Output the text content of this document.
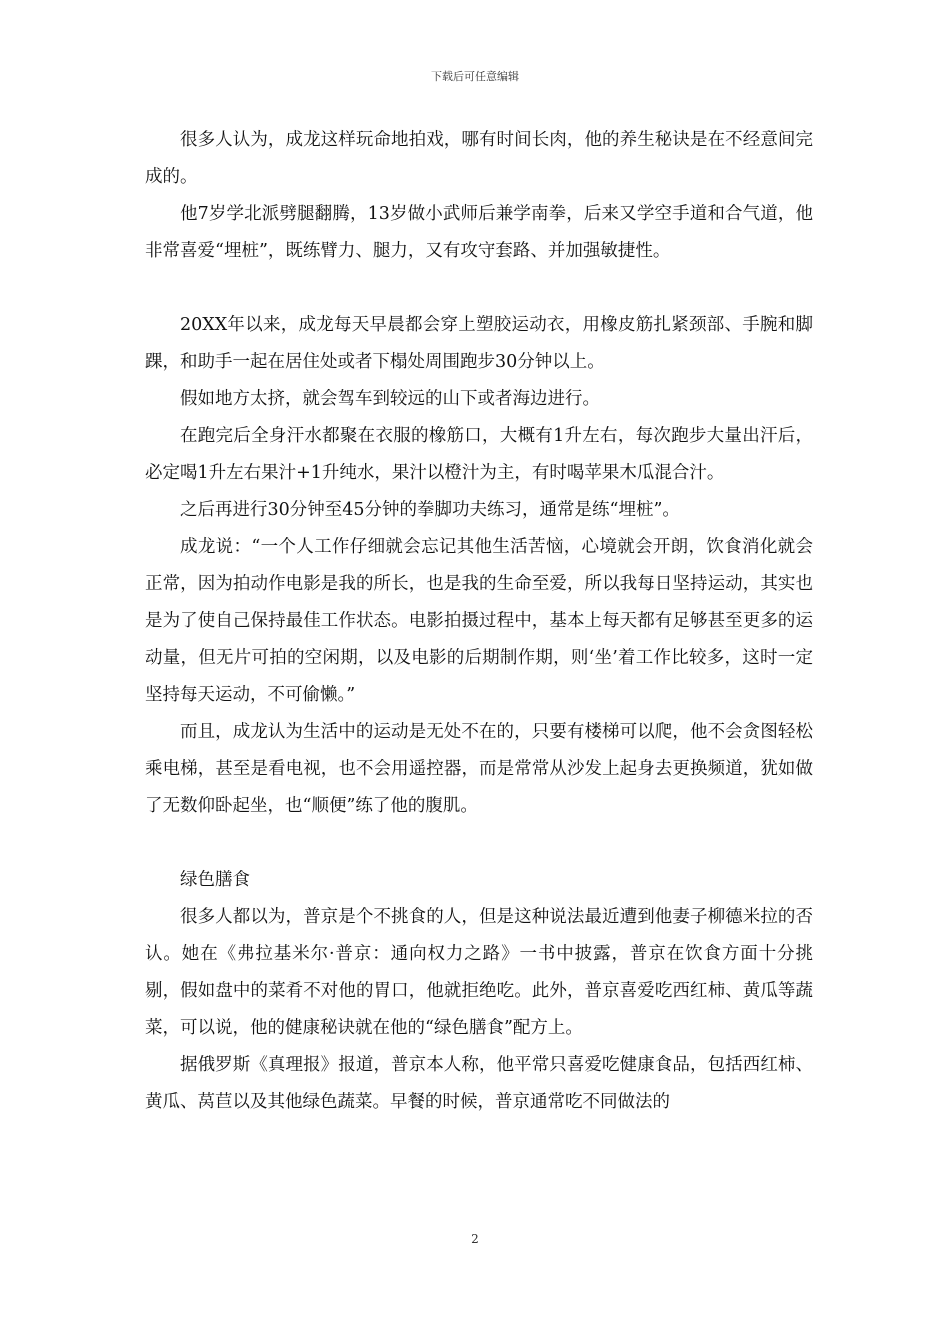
下载后可任意编辑

很多人认为，成龙这样玩命地拍戏，哪有时间长肉，他的养生秘诀是在不经意间完成的。

他7岁学北派劈腿翻腾，13岁做小武师后兼学南拳，后来又学空手道和合气道，他非常喜爱“埋桩”，既练臂力、腿力，又有攻守套路、并加强敏捷性。

20XX年以来，成龙每天早晨都会穿上塑胶运动衣，用橡皮筋扎紧颈部、手腕和脚踝，和助手一起在居住处或者下榻处周围跑步30分钟以上。

假如地方太挤，就会驾车到较远的山下或者海边进行。

在跑完后全身汗水都聚在衣服的橡筋口，大概有1升左右，每次跑步大量出汗后，必定喝1升左右果汁+1升纯水，果汁以橙汁为主，有时喝苹果木瓜混合汁。

之后再进行30分钟至45分钟的拳脚功夫练习，通常是练“埋桩”。

成龙说：“一个人工作仔细就会忘记其他生活苦恼，心境就会开朗，饮食消化就会正常，因为拍动作电影是我的所长，也是我的生命至爱，所以我每日坚持运动，其实也是为了使自己保持最佳工作状态。电影拍摄过程中，基本上每天都有足够甚至更多的运动量，但无片可拍的空闲期，以及电影的后期制作期，则‘坐’着工作比较多，这时一定坚持每天运动，不可偷懒。”

而且，成龙认为生活中的运动是无处不在的，只要有楼梯可以爬，他不会贪图轻松乘电梯，甚至是看电视，也不会用遥控器，而是常常从沙发上起身去更换频道，犹如做了无数仰卧起坐，也“顺便”练了他的腹肌。

绿色膳食

很多人都以为，普京是个不挑食的人，但是这种说法最近遭到他妻子柳德米拉的否认。她在《弗拉基米尔·普京：通向权力之路》一书中披露，普京在饮食方面十分挑剔，假如盘中的菜肴不对他的胃口，他就拒绝吃。此外，普京喜爱吃西红柿、黄瓜等蔬菜，可以说，他的健康秘诀就在他的“绿色膳食”配方上。

据俄罗斯《真理报》报道，普京本人称，他平常只喜爱吃健康食品，包括西红柿、黄瓜、莴苣以及其他绿色蔬菜。早餐的时候，普京通常吃不同做法的

2
